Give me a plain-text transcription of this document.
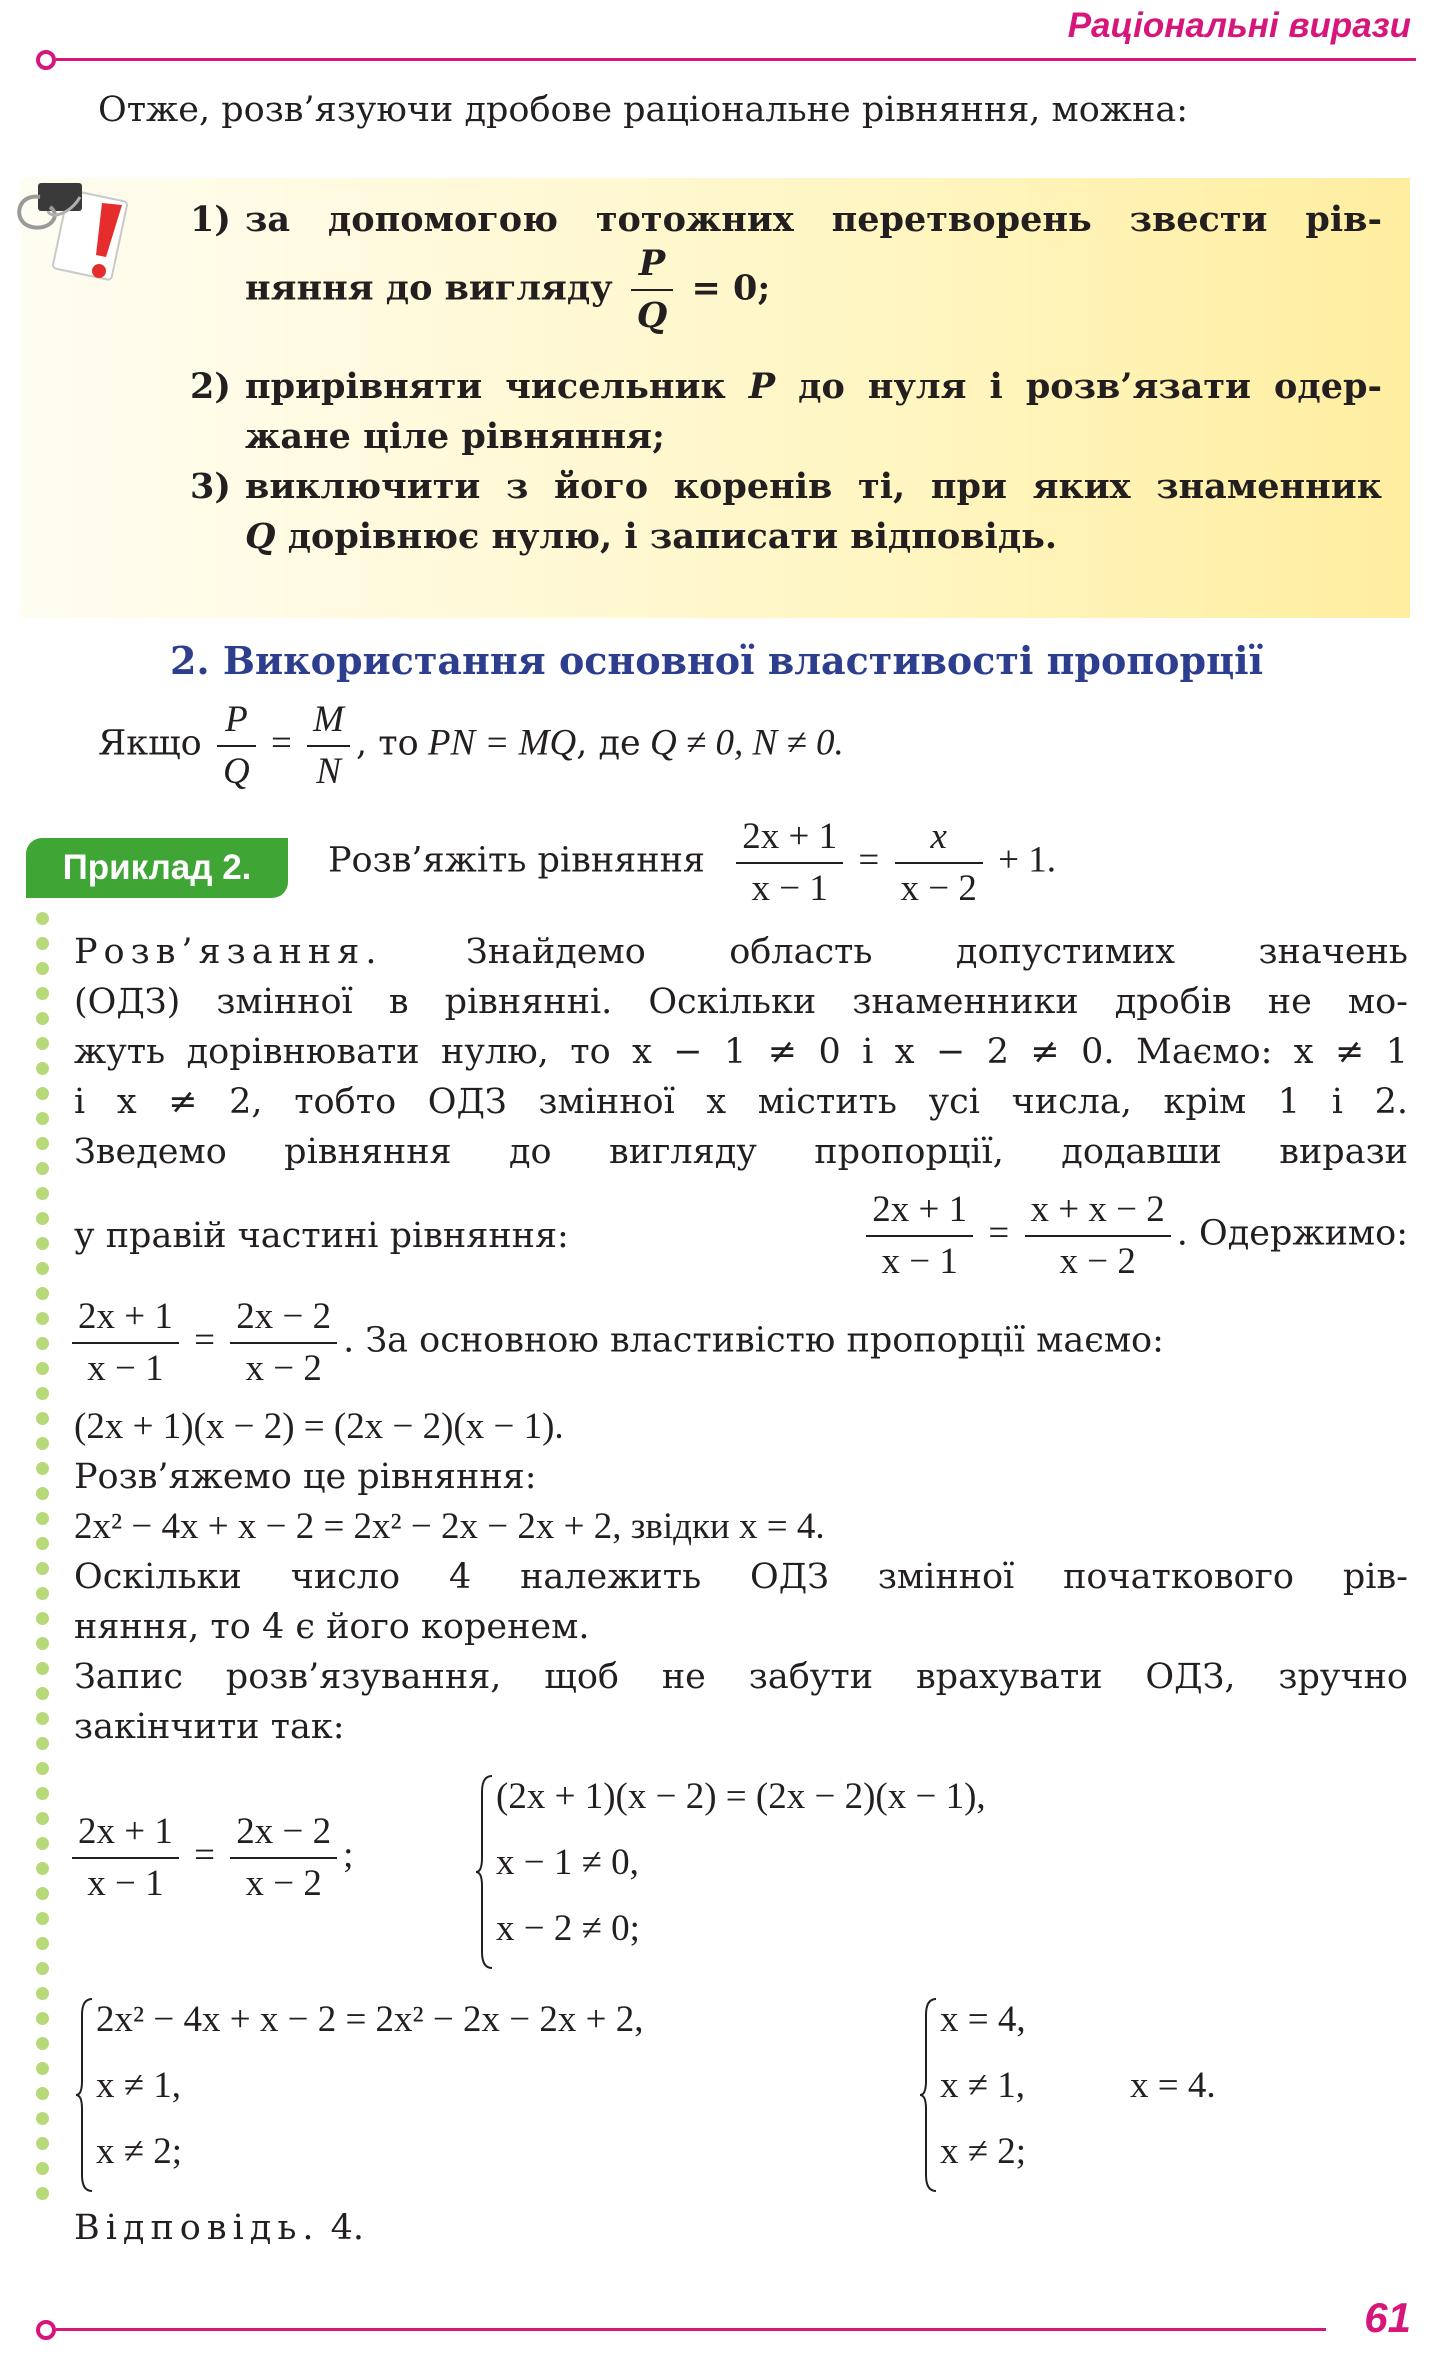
Раціональні вирази
Отже, розв’язуючи дробове раціональне рівняння, можна:
1) за допомогою тотожних перетворень звести рів-
няння до вигляду $\frac{P}{Q} = 0$;
2) прирівняти чисельник P до нуля і розв’язати одер-
жане ціле рівняння;
3) виключити з його коренів ті, при яких знаменник
Q дорівнює нулю, і записати відповідь.
2. Використання основної властивості пропорції
Якщо $\frac{P}{Q} = \frac{M}{N}$ , то PN = MQ, де Q ≠ 0, N ≠ 0.
Приклад 2.	Розв’яжіть рівняння $\frac{2x + 1}{x - 1} = \frac{x}{x - 2} + 1$.
Розв’язання. Знайдемо область допустимих значень
(ОДЗ) змінної в рівнянні. Оскільки знаменники дробів не мо-
жуть дорівнювати нулю, то x − 1 ≠ 0 і x − 2 ≠ 0. Маємо: x ≠ 1
і x ≠ 2, тобто ОДЗ змінної x містить усі числа, крім 1 і 2.
Зведемо рівняння до вигляду пропорції, додавши вирази
у правій частині рівняння:	$\frac{2x + 1}{x - 1} = \frac{x + x - 2}{x - 2}$ . Одержимо:
$\frac{2x + 1}{x - 1} = \frac{2x - 2}{x - 2}$ . За основною властивістю пропорції маємо:
(2x + 1)(x − 2) = (2x − 2)(x − 1).
Розв’яжемо це рівняння:
2x² − 4x + x − 2 = 2x² − 2x − 2x + 2, звідки x = 4.
Оскільки число 4 належить ОДЗ змінної початкового рів-
няння, то 4 є його коренем.
Запис розв’язування, щоб не забути врахувати ОДЗ, зручно
закінчити так:
$\frac{2x + 1}{x - 1} = \frac{2x - 2}{x - 2}$ ;
(2x + 1)(x − 2) = (2x − 2)(x − 1),
x − 1 ≠ 0,
x − 2 ≠ 0;
2x² − 4x + x − 2 = 2x² − 2x − 2x + 2,
x ≠ 1,
x ≠ 2;
x = 4,
x ≠ 1,
x ≠ 2;
x = 4.
Відповідь. 4.
61
